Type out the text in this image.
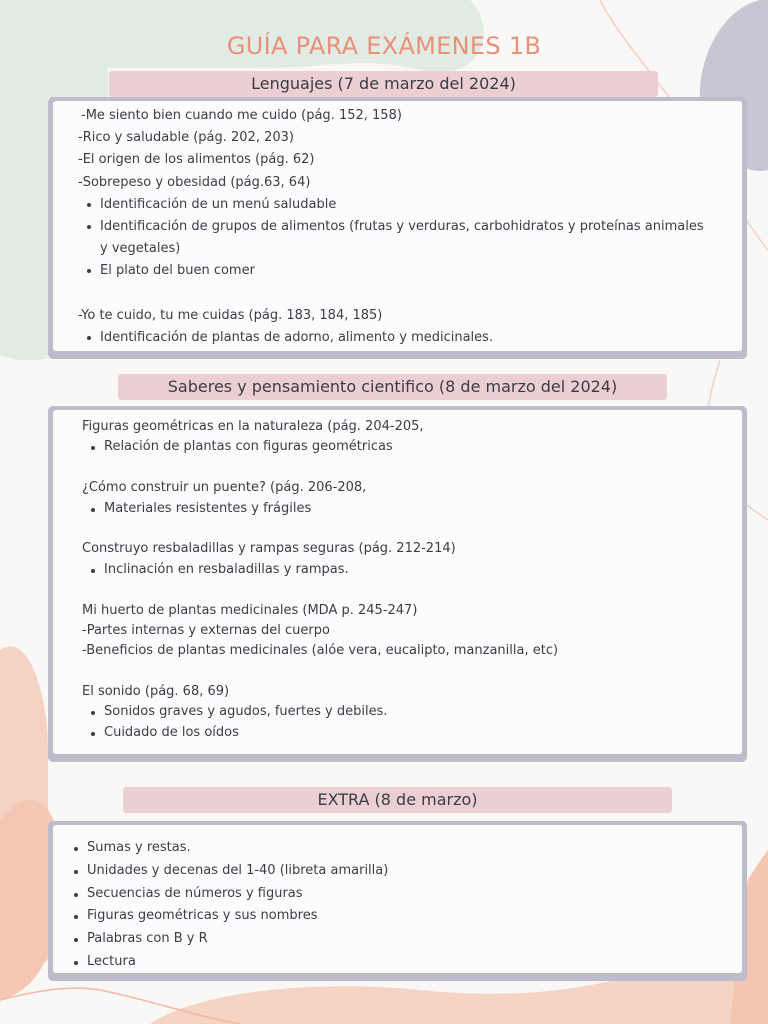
GUÍA PARA EXÁMENES 1B
Lenguajes (7 de marzo del 2024)
-Me siento bien cuando me cuido (pág. 152, 158)
-Rico y saludable (pág. 202, 203)
-El origen de los alimentos (pág. 62)
-Sobrepeso y obesidad (pág.63, 64)
Identificación de un menú saludable
Identificación de grupos de alimentos (frutas y verduras, carbohidratos y proteínas animales
y vegetales)
El plato del buen comer
-Yo te cuido, tu me cuidas (pág. 183, 184, 185)
Identificación de plantas de adorno, alimento y medicinales.
Saberes y pensamiento cientifico (8 de marzo del 2024)
Figuras geométricas en la naturaleza (pág. 204-205,
Relación de plantas con figuras geométricas
¿Cómo construir un puente? (pág. 206-208,
Materiales resistentes y frágiles
Construyo resbaladillas y rampas seguras (pág. 212-214)
Inclinación en resbaladillas y rampas.
Mi huerto de plantas medicinales (MDA p. 245-247)
-Partes internas y externas del cuerpo
-Beneficios de plantas medicinales (alóe vera, eucalipto, manzanilla, etc)
El sonido (pág. 68, 69)
Sonidos graves y agudos, fuertes y debiles.
Cuidado de los oídos
EXTRA (8 de marzo)
Sumas y restas.
Unidades y decenas del 1-40 (libreta amarilla)
Secuencias de números y figuras
Figuras geométricas y sus nombres
Palabras con B y R
Lectura
